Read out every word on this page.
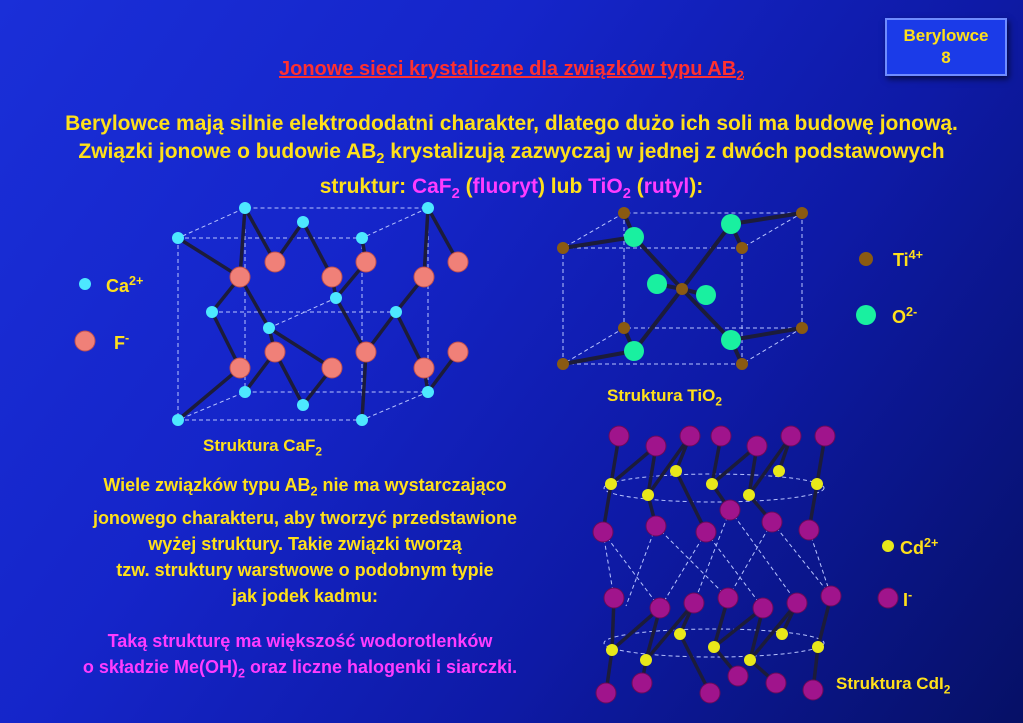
Berylowce
8
Jonowe sieci krystaliczne dla związków typu $AB_2$
Berylowce mają silnie elektrododatni charakter, dlatego dużo ich soli ma budowę jonową. Związki jonowe o budowie $AB_2$ krystalizują zazwyczaj w jednej z dwóch podstawowych struktur: CaF$_2$ (fluoryt) lub TiO$_2$ (rutyl):
$Ca^{2+}$
F-
$Ti^{4+}$
$O^{2-}$
$Cd^{2+}$
I-
Struktura CaF$_2$
Struktura TiO$_2$
Struktura CdI$_2$
Wiele związków typu $AB_2$ nie ma wystarczająco
jonowego charakteru, aby tworzyć przedstawione
wyżej struktury. Takie związki tworzą
tzw. struktury warstwowe o podobnym typie
jak jodek kadmu:
Taką strukturę ma większość wodorotlenków
o składzie $Me(OH)_2$ oraz liczne halogenki i siarczki.
